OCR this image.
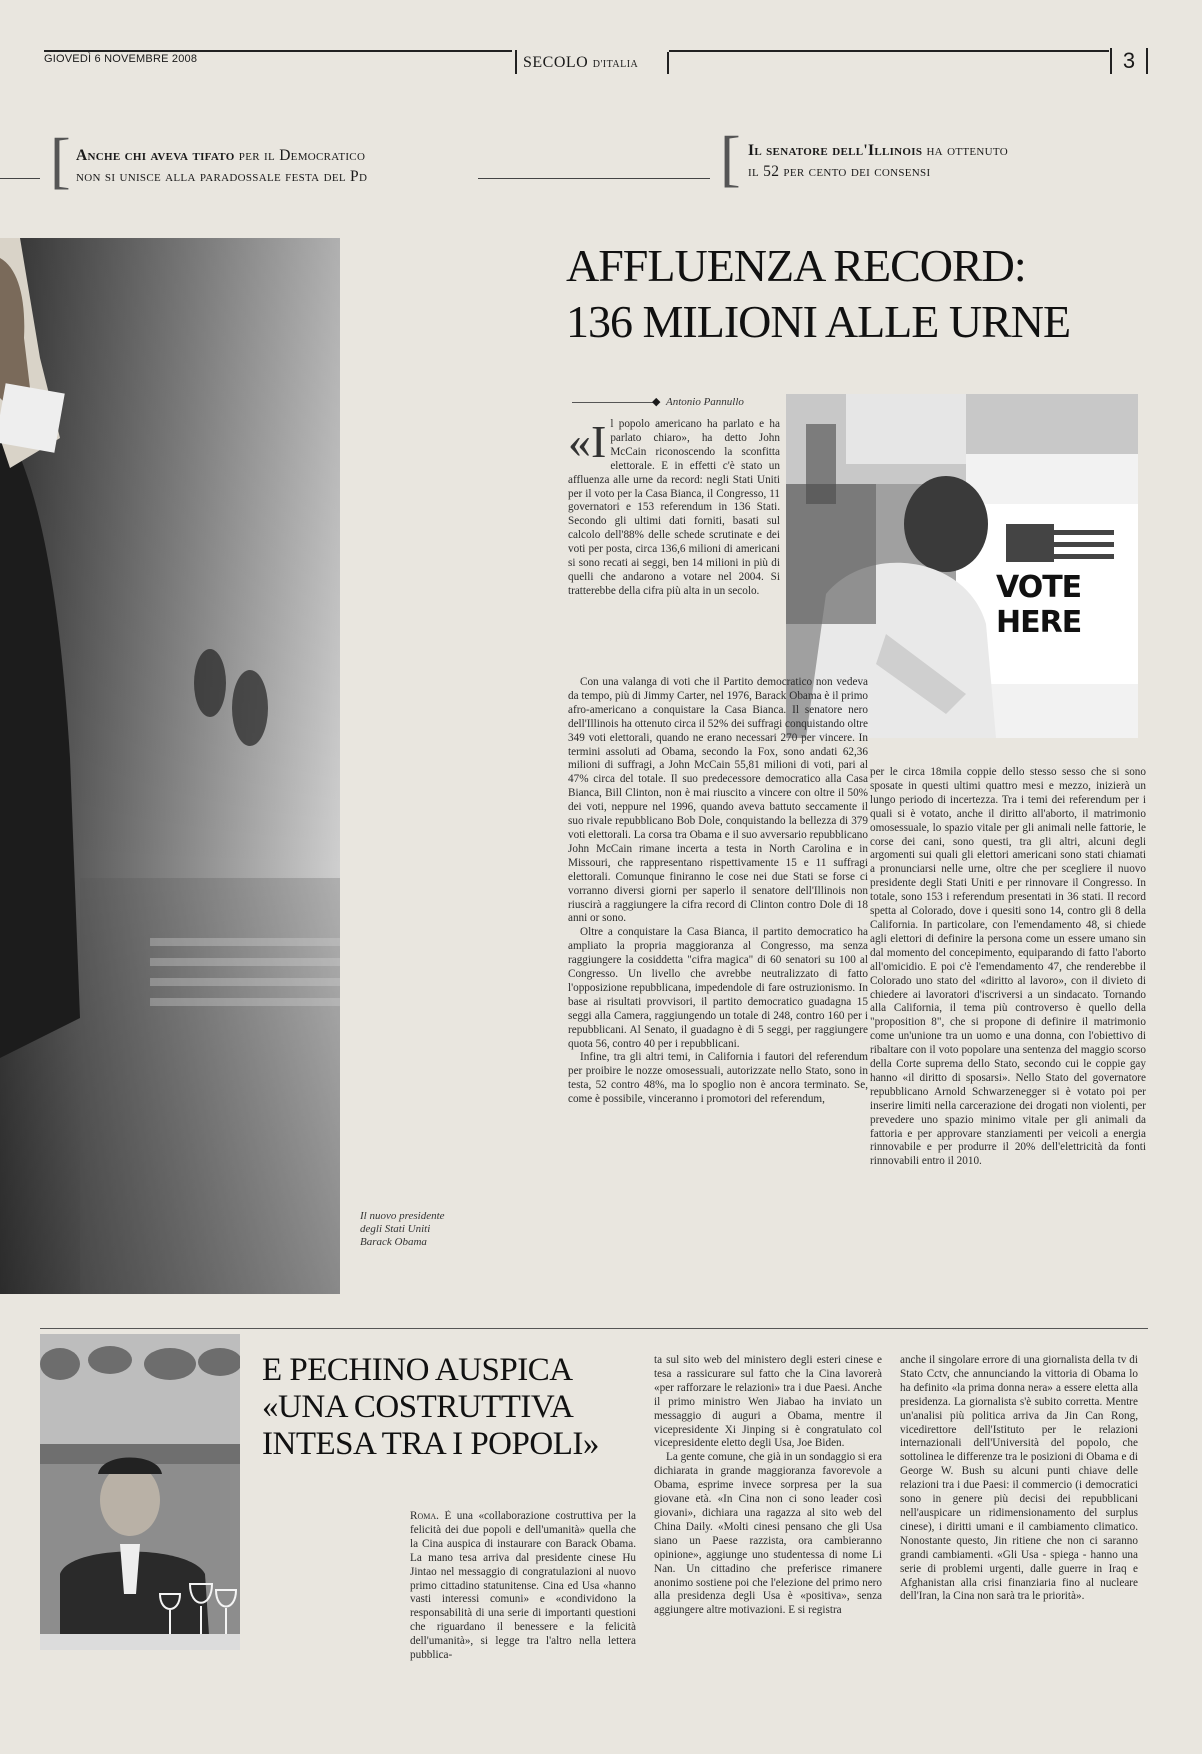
GIOVEDÌ 6 NOVEMBRE 2008	SECOLO D'ITALIA	3
[ Anche chi aveva tifato per il Democratico
non si unisce alla paradossale festa del Pd	[ Il senatore dell'Illinois ha ottenuto
il 52 per cento dei consensi
Il nuovo presidente
degli Stati Uniti
Barack Obama
AFFLUENZA RECORD:
136 MILIONI ALLE URNE
◆ Antonio Pannullo
VOTE HERE

«I l popolo americano ha parlato e ha parlato chiaro», ha detto John McCain riconoscendo la sconfitta elettorale. E in effetti c'è stato un affluenza alle urne da record: negli Stati Uniti per il voto per la Casa Bianca, il Congresso, 11 governatori e 153 referendum in 136 Stati. Secondo gli ultimi dati forniti, basati sul calcolo dell'88% delle schede scrutinate e dei voti per posta, circa 136,6 milioni di americani si sono recati ai seggi, ben 14 milioni in più di quelli che andarono a votare nel 2004. Si tratterebbe della cifra più alta in un secolo.

Con una valanga di voti che il Partito democratico non vedeva da tempo, più di Jimmy Carter, nel 1976, Barack Obama è il primo afro-americano a conquistare la Casa Bianca. Il senatore nero dell'Illinois ha ottenuto circa il 52% dei suffragi conquistando oltre 349 voti elettorali, quando ne erano necessari 270 per vincere. In termini assoluti ad Obama, secondo la Fox, sono andati 62,36 milioni di suffragi, a John McCain 55,81 milioni di voti, pari al 47% circa del totale. Il suo predecessore democratico alla Casa Bianca, Bill Clinton, non è mai riuscito a vincere con oltre il 50% dei voti, neppure nel 1996, quando aveva battuto seccamente il suo rivale repubblicano Bob Dole, conquistando la bellezza di 379 voti elettorali. La corsa tra Obama e il suo avversario repubblicano John McCain rimane incerta a testa in North Carolina e in Missouri, che rappresentano rispettivamente 15 e 11 suffragi elettorali. Comunque finiranno le cose nei due Stati se forse ci vorranno diversi giorni per saperlo il senatore dell'Illinois non riuscirà a raggiungere la cifra record di Clinton contro Dole di 18 anni or sono.

Oltre a conquistare la Casa Bianca, il partito democratico ha ampliato la propria maggioranza al Congresso, ma senza raggiungere la cosiddetta "cifra magica" di 60 senatori su 100 al Congresso. Un livello che avrebbe neutralizzato di fatto l'opposizione repubblicana, impedendole di fare ostruzionismo. In base ai risultati provvisori, il partito democratico guadagna 15 seggi alla Camera, raggiungendo un totale di 248, contro 160 per i repubblicani. Al Senato, il guadagno è di 5 seggi, per raggiungere quota 56, contro 40 per i repubblicani.

Infine, tra gli altri temi, in California i fautori del referendum per proibire le nozze omosessuali, autorizzate nello Stato, sono in testa, 52 contro 48%, ma lo spoglio non è ancora terminato. Se, come è possibile, vinceranno i promotori del referendum,

per le circa 18mila coppie dello stesso sesso che si sono sposate in questi ultimi quattro mesi e mezzo, inizierà un lungo periodo di incertezza. Tra i temi dei referendum per i quali si è votato, anche il diritto all'aborto, il matrimonio omosessuale, lo spazio vitale per gli animali nelle fattorie, le corse dei cani, sono questi, tra gli altri, alcuni degli argomenti sui quali gli elettori americani sono stati chiamati a pronunciarsi nelle urne, oltre che per scegliere il nuovo presidente degli Stati Uniti e per rinnovare il Congresso. In totale, sono 153 i referendum presentati in 36 stati. Il record spetta al Colorado, dove i quesiti sono 14, contro gli 8 della California. In particolare, con l'emendamento 48, si chiede agli elettori di definire la persona come un essere umano sin dal momento del concepimento, equiparando di fatto l'aborto all'omicidio. E poi c'è l'emendamento 47, che renderebbe il Colorado uno stato del «diritto al lavoro», con il divieto di chiedere ai lavoratori d'iscriversi a un sindacato. Tornando alla California, il tema più controverso è quello della "proposition 8", che si propone di definire il matrimonio come un'unione tra un uomo e una donna, con l'obiettivo di ribaltare con il voto popolare una sentenza del maggio scorso della Corte suprema dello Stato, secondo cui le coppie gay hanno «il diritto di sposarsi». Nello Stato del governatore repubblicano Arnold Schwarzenegger si è votato poi per inserire limiti nella carcerazione dei drogati non violenti, per prevedere uno spazio minimo vitale per gli animali da fattoria e per approvare stanziamenti per veicoli a energia rinnovabile e per produrre il 20% dell'elettricità da fonti rinnovabili entro il 2010.

E PECHINO AUSPICA
«UNA COSTRUTTIVA
INTESA TRA I POPOLI»

Roma. È una «collaborazione costruttiva per la felicità dei due popoli e dell'umanità» quella che la Cina auspica di instaurare con Barack Obama. La mano tesa arriva dal presidente cinese Hu Jintao nel messaggio di congratulazioni al nuovo primo cittadino statunitense. Cina ed Usa «hanno vasti interessi comuni» e «condividono la responsabilità di una serie di importanti questioni che riguardano il benessere e la felicità dell'umanità», si legge tra l'altro nella lettera pubblica-

ta sul sito web del ministero degli esteri cinese e tesa a rassicurare sul fatto che la Cina lavorerà «per rafforzare le relazioni» tra i due Paesi. Anche il primo ministro Wen Jiabao ha inviato un messaggio di auguri a Obama, mentre il vicepresidente Xi Jinping si è congratulato col vicepresidente eletto degli Usa, Joe Biden.

La gente comune, che già in un sondaggio si era dichiarata in grande maggioranza favorevole a Obama, esprime invece sorpresa per la sua giovane età. «In Cina non ci sono leader così giovani», dichiara una ragazza al sito web del China Daily. «Molti cinesi pensano che gli Usa siano un Paese razzista, ora cambieranno opinione», aggiunge uno studentessa di nome Li Nan. Un cittadino che preferisce rimanere anonimo sostiene poi che l'elezione del primo nero alla presidenza degli Usa è «positiva», senza aggiungere altre motivazioni. E si registra

anche il singolare errore di una giornalista della tv di Stato Cctv, che annunciando la vittoria di Obama lo ha definito «la prima donna nera» a essere eletta alla presidenza. La giornalista s'è subito corretta. Mentre un'analisi più politica arriva da Jin Can Rong, vicedirettore dell'Istituto per le relazioni internazionali dell'Università del popolo, che sottolinea le differenze tra le posizioni di Obama e di George W. Bush su alcuni punti chiave delle relazioni tra i due Paesi: il commercio (i democratici sono in genere più decisi dei repubblicani nell'auspicare un ridimensionamento del surplus cinese), i diritti umani e il cambiamento climatico. Nonostante questo, Jin ritiene che non ci saranno grandi cambiamenti. «Gli Usa - spiega - hanno una serie di problemi urgenti, dalle guerre in Iraq e Afghanistan alla crisi finanziaria fino al nucleare dell'Iran, la Cina non sarà tra le priorità».
